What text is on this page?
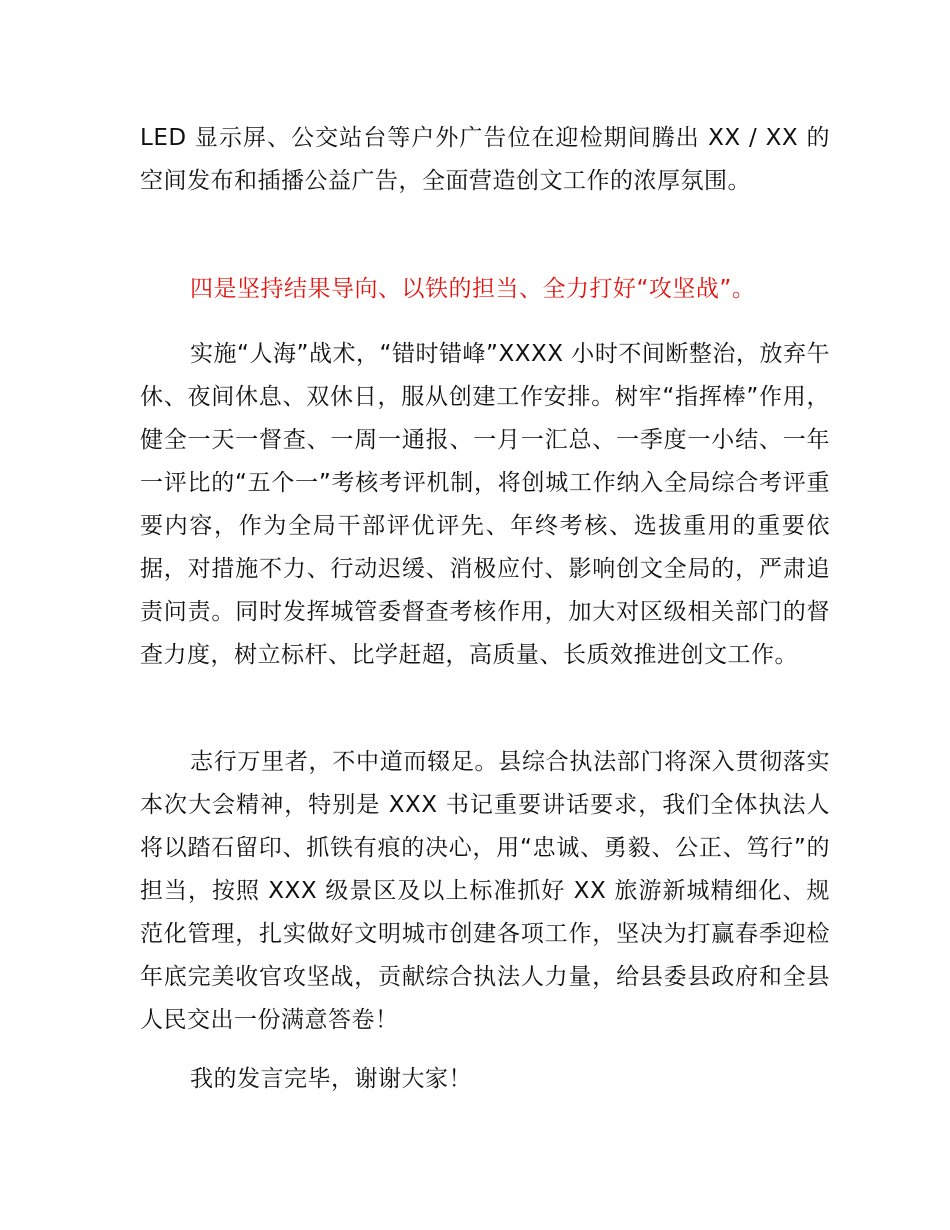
LED 显示屏、公交站台等户外广告位在迎检期间腾出 XX / XX 的空间发布和插播公益广告，全面营造创文工作的浓厚氛围。

四是坚持结果导向、以铁的担当、全力打好“攻坚战”。

实施“人海”战术，“错时错峰”XXXX 小时不间断整治，放弃午休、夜间休息、双休日，服从创建工作安排。树牢“指挥棒”作用，健全一天一督查、一周一通报、一月一汇总、一季度一小结、一年一评比的“五个一”考核考评机制，将创城工作纳入全局综合考评重要内容，作为全局干部评优评先、年终考核、选拔重用的重要依据，对措施不力、行动迟缓、消极应付、影响创文全局的，严肃追责问责。同时发挥城管委督查考核作用，加大对区级相关部门的督查力度，树立标杆、比学赶超，高质量、长质效推进创文工作。

志行万里者，不中道而辍足。县综合执法部门将深入贯彻落实本次大会精神，特别是 XXX 书记重要讲话要求，我们全体执法人将以踏石留印、抓铁有痕的决心，用“忠诚、勇毅、公正、笃行”的担当，按照 XXX 级景区及以上标准抓好 XX 旅游新城精细化、规范化管理，扎实做好文明城市创建各项工作，坚决为打赢春季迎检年底完美收官攻坚战，贡献综合执法人力量，给县委县政府和全县人民交出一份满意答卷！

我的发言完毕，谢谢大家！
